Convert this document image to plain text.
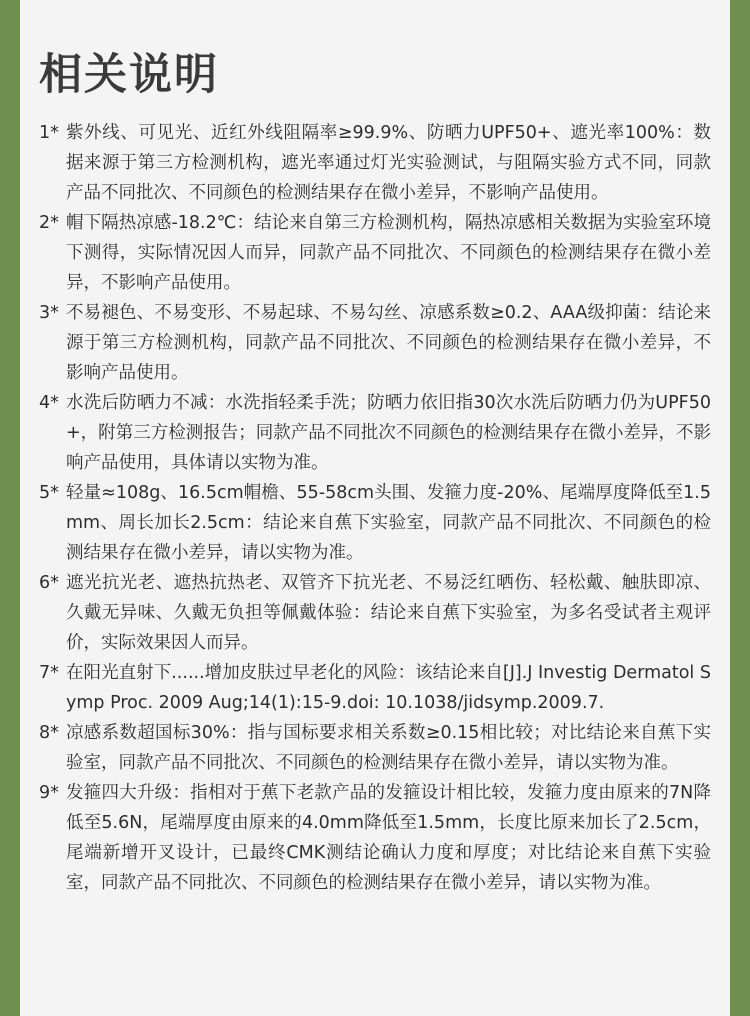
相关说明
1* 紫外线、可见光、近红外线阻隔率≥99.9%、防晒力UPF50+、遮光率100%：数据来源于第三方检测机构，遮光率通过灯光实验测试，与阻隔实验方式不同，同款产品不同批次、不同颜色的检测结果存在微小差异，不影响产品使用。
2* 帽下隔热凉感-18.2℃：结论来自第三方检测机构，隔热凉感相关数据为实验室环境下测得，实际情况因人而异，同款产品不同批次、不同颜色的检测结果存在微小差异，不影响产品使用。
3* 不易褪色、不易变形、不易起球、不易勾丝、凉感系数≥0.2、AAA级抑菌：结论来源于第三方检测机构，同款产品不同批次、不同颜色的检测结果存在微小差异，不影响产品使用。
4* 水洗后防晒力不减：水洗指轻柔手洗；防晒力依旧指30次水洗后防晒力仍为UPF50+，附第三方检测报告；同款产品不同批次不同颜色的检测结果存在微小差异，不影响产品使用，具体请以实物为准。
5* 轻量≈108g、16.5cm帽檐、55-58cm头围、发箍力度-20%、尾端厚度降低至1.5mm、周长加长2.5cm：结论来自蕉下实验室，同款产品不同批次、不同颜色的检测结果存在微小差异，请以实物为准。
6* 遮光抗光老、遮热抗热老、双管齐下抗光老、不易泛红晒伤、轻松戴、触肤即凉、久戴无异味、久戴无负担等佩戴体验：结论来自蕉下实验室，为多名受试者主观评价，实际效果因人而异。
7* 在阳光直射下......增加皮肤过早老化的风险：该结论来自[J].J Investig Dermatol Symp Proc. 2009 Aug;14(1):15-9.doi: 10.1038/jidsymp.2009.7.
8* 凉感系数超国标30%：指与国标要求相关系数≥0.15相比较；对比结论来自蕉下实验室，同款产品不同批次、不同颜色的检测结果存在微小差异，请以实物为准。
9* 发箍四大升级：指相对于蕉下老款产品的发箍设计相比较，发箍力度由原来的7N降低至5.6N，尾端厚度由原来的4.0mm降低至1.5mm，长度比原来加长了2.5cm，尾端新增开叉设计，已最终CMK测结论确认力度和厚度；对比结论来自蕉下实验室，同款产品不同批次、不同颜色的检测结果存在微小差异，请以实物为准。
